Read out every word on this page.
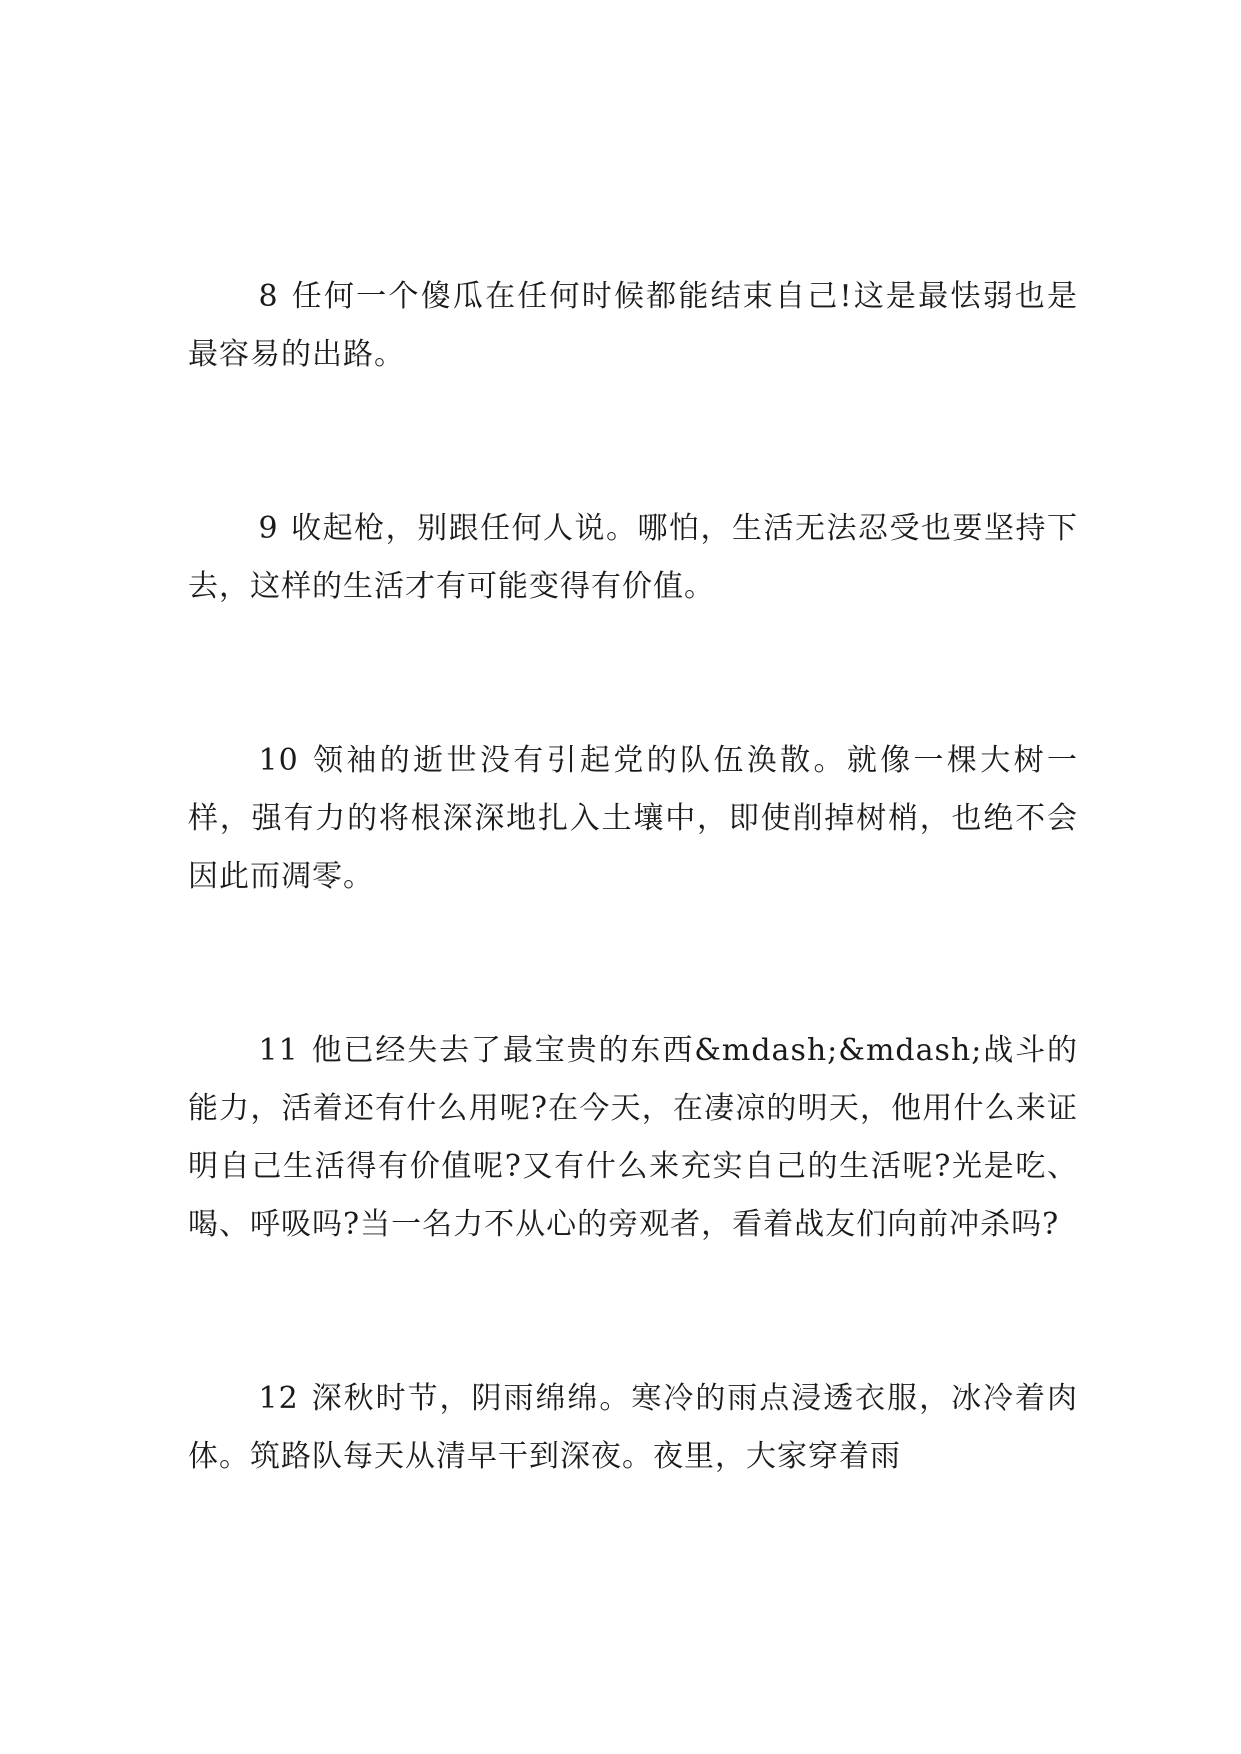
8 任何一个傻瓜在任何时候都能结束自己!这是最怯弱也是最容易的出路。

9 收起枪，别跟任何人说。哪怕，生活无法忍受也要坚持下去，这样的生活才有可能变得有价值。

10 领袖的逝世没有引起党的队伍涣散。就像一棵大树一样，强有力的将根深深地扎入土壤中，即使削掉树梢，也绝不会因此而凋零。

11 他已经失去了最宝贵的东西&mdash;&mdash;战斗的能力，活着还有什么用呢?在今天，在凄凉的明天，他用什么来证明自己生活得有价值呢?又有什么来充实自己的生活呢?光是吃、喝、呼吸吗?当一名力不从心的旁观者，看着战友们向前冲杀吗?

12 深秋时节，阴雨绵绵。寒冷的雨点浸透衣服，冰冷着肉体。筑路队每天从清早干到深夜。夜里，大家穿着雨
